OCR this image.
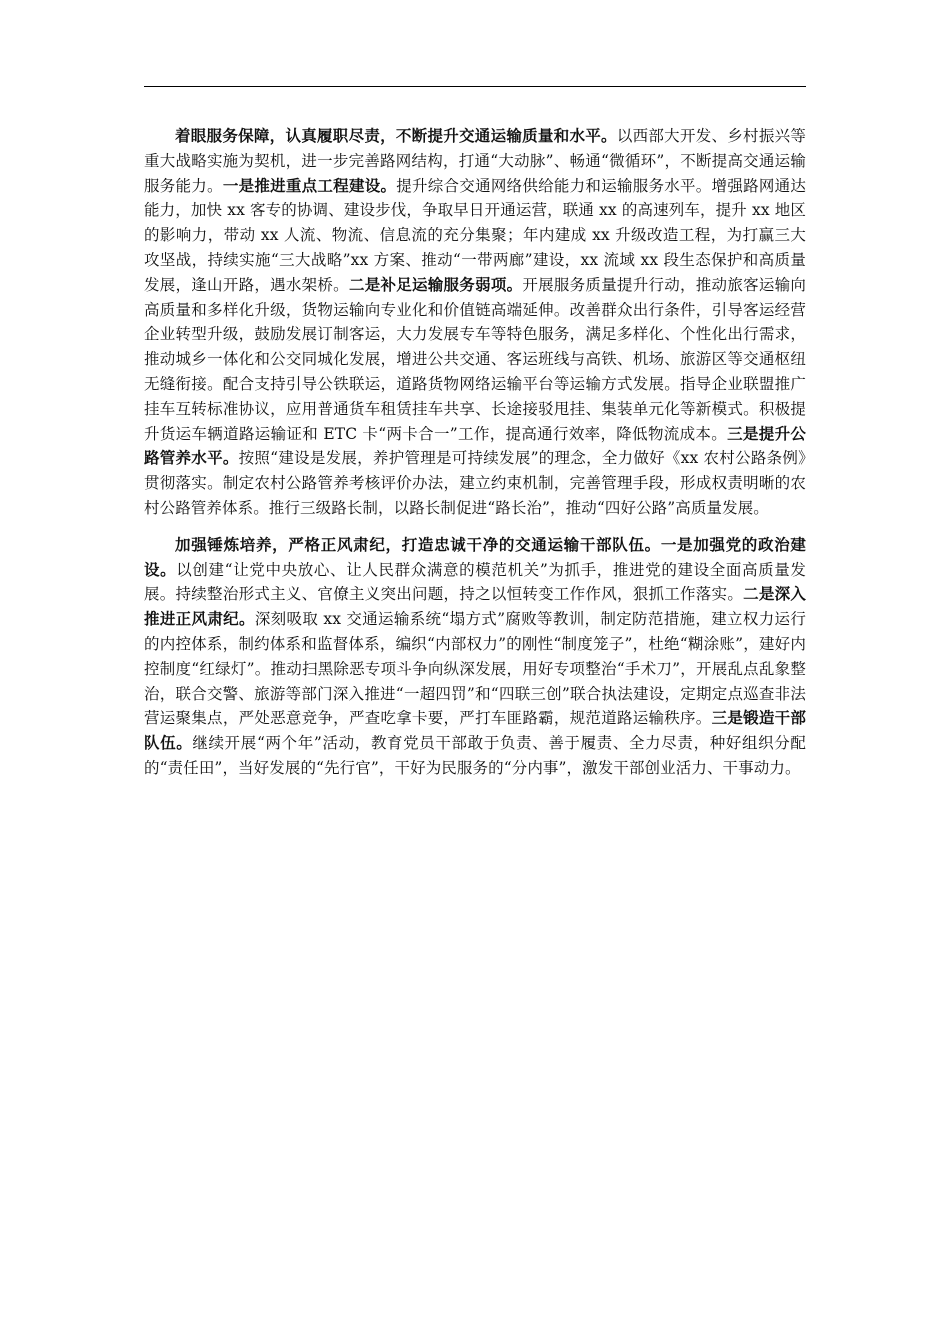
着眼服务保障，认真履职尽责，不断提升交通运输质量和水平。以西部大开发、乡村振兴等重大战略实施为契机，进一步完善路网结构，打通“大动脉”、畅通“微循环”，不断提高交通运输服务能力。一是推进重点工程建设。提升综合交通网络供给能力和运输服务水平。增强路网通达能力，加快 xx 客专的协调、建设步伐，争取早日开通运营，联通 xx 的高速列车，提升 xx 地区的影响力，带动 xx 人流、物流、信息流的充分集聚；年内建成 xx 升级改造工程，为打赢三大攻坚战，持续实施“三大战略”xx 方案、推动“一带两廊”建设，xx 流域 xx 段生态保护和高质量发展，逢山开路，遇水架桥。二是补足运输服务弱项。开展服务质量提升行动，推动旅客运输向高质量和多样化升级，货物运输向专业化和价值链高端延伸。改善群众出行条件，引导客运经营企业转型升级，鼓励发展订制客运，大力发展专车等特色服务，满足多样化、个性化出行需求，推动城乡一体化和公交同城化发展，增进公共交通、客运班线与高铁、机场、旅游区等交通枢纽无缝衔接。配合支持引导公铁联运，道路货物网络运输平台等运输方式发展。指导企业联盟推广挂车互转标准协议，应用普通货车租赁挂车共享、长途接驳甩挂、集装单元化等新模式。积极提升货运车辆道路运输证和 ETC 卡“两卡合一”工作，提高通行效率，降低物流成本。三是提升公路管养水平。按照“建设是发展，养护管理是可持续发展”的理念，全力做好《xx 农村公路条例》贯彻落实。制定农村公路管养考核评价办法，建立约束机制，完善管理手段，形成权责明晰的农村公路管养体系。推行三级路长制，以路长制促进“路长治”，推动“四好公路”高质量发展。

加强锤炼培养，严格正风肃纪，打造忠诚干净的交通运输干部队伍。一是加强党的政治建设。以创建“让党中央放心、让人民群众满意的模范机关”为抓手，推进党的建设全面高质量发展。持续整治形式主义、官僚主义突出问题，持之以恒转变工作作风，狠抓工作落实。二是深入推进正风肃纪。深刻吸取 xx 交通运输系统“塌方式”腐败等教训，制定防范措施，建立权力运行的内控体系，制约体系和监督体系，编织“内部权力”的刚性“制度笼子”，杜绝“糊涂账”，建好内控制度“红绿灯”。推动扫黑除恶专项斗争向纵深发展，用好专项整治“手术刀”，开展乱点乱象整治，联合交警、旅游等部门深入推进“一超四罚”和“四联三创”联合执法建设，定期定点巡查非法营运聚集点，严处恶意竞争，严查吃拿卡要，严打车匪路霸，规范道路运输秩序。三是锻造干部队伍。继续开展“两个年”活动，教育党员干部敢于负责、善于履责、全力尽责，种好组织分配的“责任田”，当好发展的“先行官”，干好为民服务的“分内事”，激发干部创业活力、干事动力。
